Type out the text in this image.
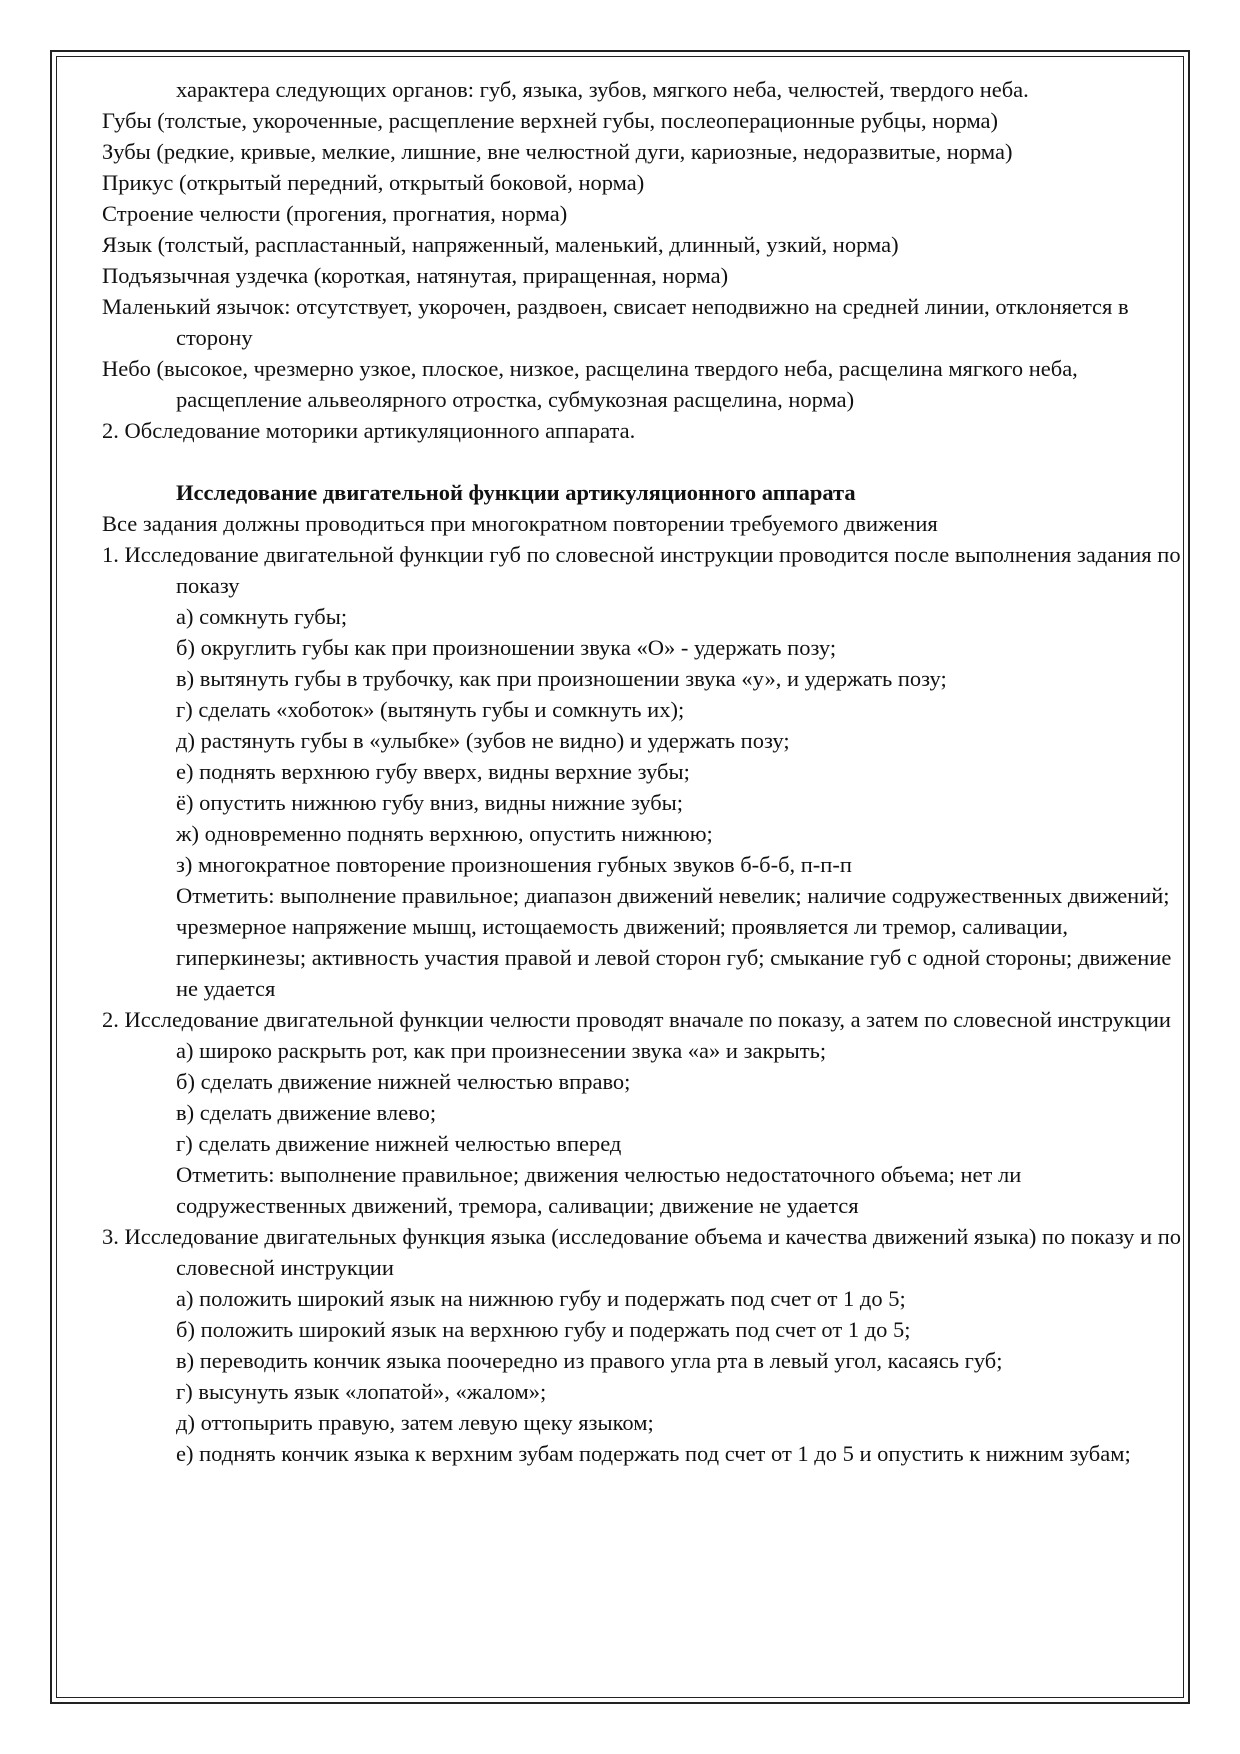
характера следующих органов: губ, языка, зубов, мягкого неба, челюстей, твердого неба.

Губы (толстые, укороченные, расщепление верхней губы, послеоперационные рубцы, норма)

Зубы (редкие, кривые, мелкие, лишние, вне челюстной дуги, кариозные, недоразвитые, норма)

Прикус (открытый передний, открытый боковой, норма)

Строение челюсти (прогения, прогнатия, норма)

Язык (толстый, распластанный, напряженный, маленький, длинный, узкий, норма)

Подъязычная уздечка (короткая, натянутая, приращенная, норма)

Маленький язычок: отсутствует, укорочен, раздвоен, свисает неподвижно на средней линии, отклоняется в сторону

Небо (высокое, чрезмерно узкое, плоское, низкое, расщелина твердого неба, расщелина мягкого неба, расщепление альвеолярного отростка, субмукозная расщелина, норма)

2. Обследование моторики артикуляционного аппарата.

Исследование двигательной функции артикуляционного аппарата

Все задания должны проводиться при многократном повторении требуемого движения

1. Исследование двигательной функции губ по словесной инструкции проводится после выполнения задания по показу

а) сомкнуть губы;

б) округлить губы как при произношении звука «О» - удержать позу;

в) вытянуть губы в трубочку, как при произношении звука «у», и удержать позу;

г) сделать «хоботок» (вытянуть губы и сомкнуть их);

д) растянуть губы в «улыбке» (зубов не видно) и удержать позу;

е) поднять верхнюю губу вверх, видны верхние зубы;

ё) опустить нижнюю губу вниз, видны нижние зубы;

ж) одновременно поднять верхнюю, опустить нижнюю;

з) многократное повторение произношения губных звуков б-б-б, п-п-п

Отметить: выполнение правильное; диапазон движений невелик; наличие содружественных движений; чрезмерное напряжение мышц, истощаемость движений; проявляется ли тремор, саливации, гиперкинезы; активность участия правой и левой сторон губ; смыкание губ с одной стороны; движение не удается

2. Исследование двигательной функции челюсти проводят вначале по показу, а затем по словесной инструкции

а) широко раскрыть рот, как при произнесении звука «а» и закрыть;

б) сделать движение нижней челюстью вправо;

в) сделать движение влево;

г) сделать движение нижней челюстью вперед

Отметить: выполнение правильное; движения челюстью недостаточного объема; нет ли содружественных движений, тремора, саливации; движение не удается

3. Исследование двигательных функция языка (исследование объема и качества движений языка) по показу и по словесной инструкции

а) положить широкий язык на нижнюю губу и подержать под счет от 1 до 5;

б) положить широкий язык на верхнюю губу и подержать под счет от 1 до 5;

в) переводить кончик языка поочередно из правого угла рта в левый угол, касаясь губ;

г) высунуть язык «лопатой», «жалом»;

д) оттопырить правую, затем левую щеку языком;

е) поднять кончик языка к верхним зубам подержать под счет от 1 до 5 и опустить к нижним зубам;
